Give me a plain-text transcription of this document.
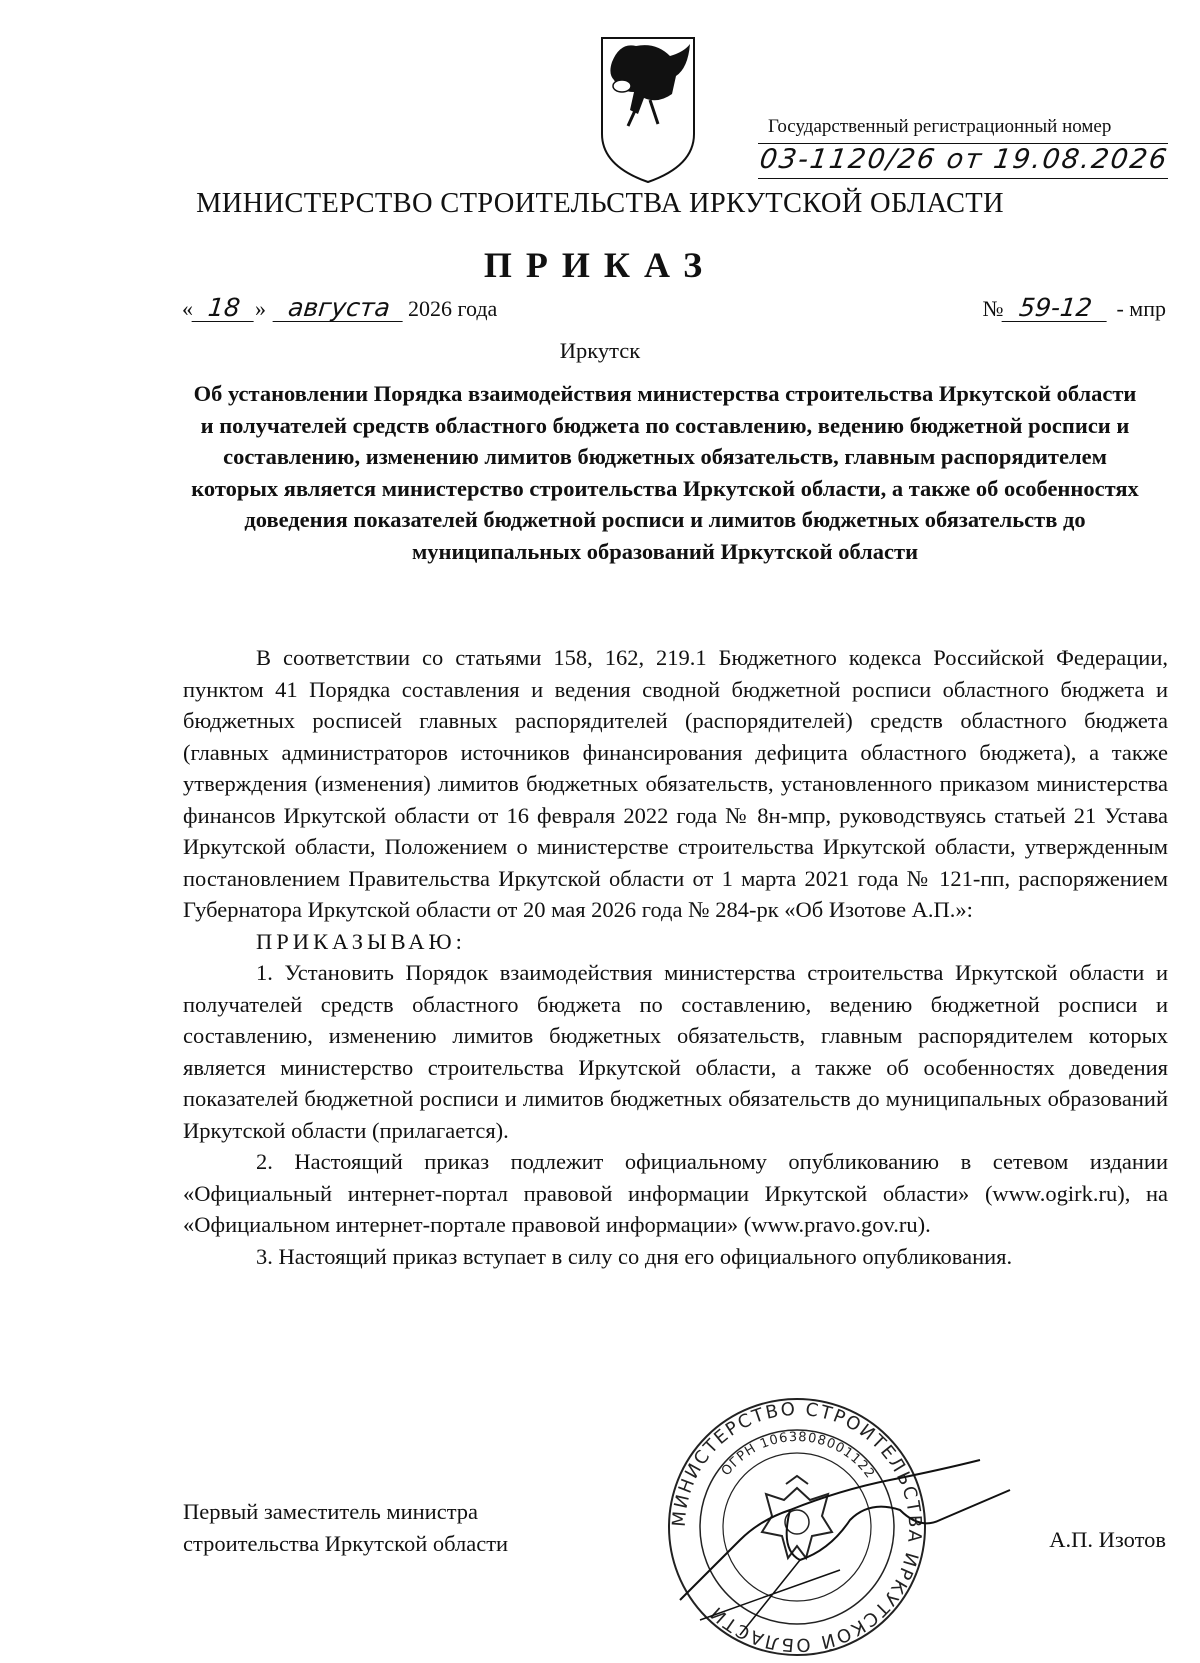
Государственный регистрационный номер
03-1120/26 от 19.08.2026
МИНИСТЕРСТВО СТРОИТЕЛЬСТВА ИРКУТСКОЙ ОБЛАСТИ
ПРИКАЗ
« 18 » августа 2026 года	№ 59-12	- мпр
Иркутск
Об установлении Порядка взаимодействия министерства строительства Иркутской области и получателей средств областного бюджета по составлению, ведению бюджетной росписи и составлению, изменению лимитов бюджетных обязательств, главным распорядителем которых является министерство строительства Иркутской области, а также об особенностях доведения показателей бюджетной росписи и лимитов бюджетных обязательств до муниципальных образований Иркутской области

В соответствии со статьями 158, 162, 219.1 Бюджетного кодекса Российской Федерации, пунктом 41 Порядка составления и ведения сводной бюджетной росписи областного бюджета и бюджетных росписей главных распорядителей (распорядителей) средств областного бюджета (главных администраторов источников финансирования дефицита областного бюджета), а также утверждения (изменения) лимитов бюджетных обязательств, установленного приказом министерства финансов Иркутской области от 16 февраля 2022 года № 8н-мпр, руководствуясь статьей 21 Устава Иркутской области, Положением о министерстве строительства Иркутской области, утвержденным постановлением Правительства Иркутской области от 1 марта 2021 года № 121-пп, распоряжением Губернатора Иркутской области от 20 мая 2026 года № 284-рк «Об Изотове А.П.»:

ПРИКАЗЫВАЮ:

1. Установить Порядок взаимодействия министерства строительства Иркутской области и получателей средств областного бюджета по составлению, ведению бюджетной росписи и составлению, изменению лимитов бюджетных обязательств, главным распорядителем которых является министерство строительства Иркутской области, а также об особенностях доведения показателей бюджетной росписи и лимитов бюджетных обязательств до муниципальных образований Иркутской области (прилагается).

2. Настоящий приказ подлежит официальному опубликованию в сетевом издании «Официальный интернет-портал правовой информации Иркутской области» (www.ogirk.ru), на «Официальном интернет-портале правовой информации» (www.pravo.gov.ru).

3. Настоящий приказ вступает в силу со дня его официального опубликования.

МИНИСТЕРСТВО СТРОИТЕЛЬСТВА ИРКУТСКОЙ ОБЛАСТИ
ОГРН 1063808001122
Первый заместитель министра
строительства Иркутской области	А.П. Изотов
